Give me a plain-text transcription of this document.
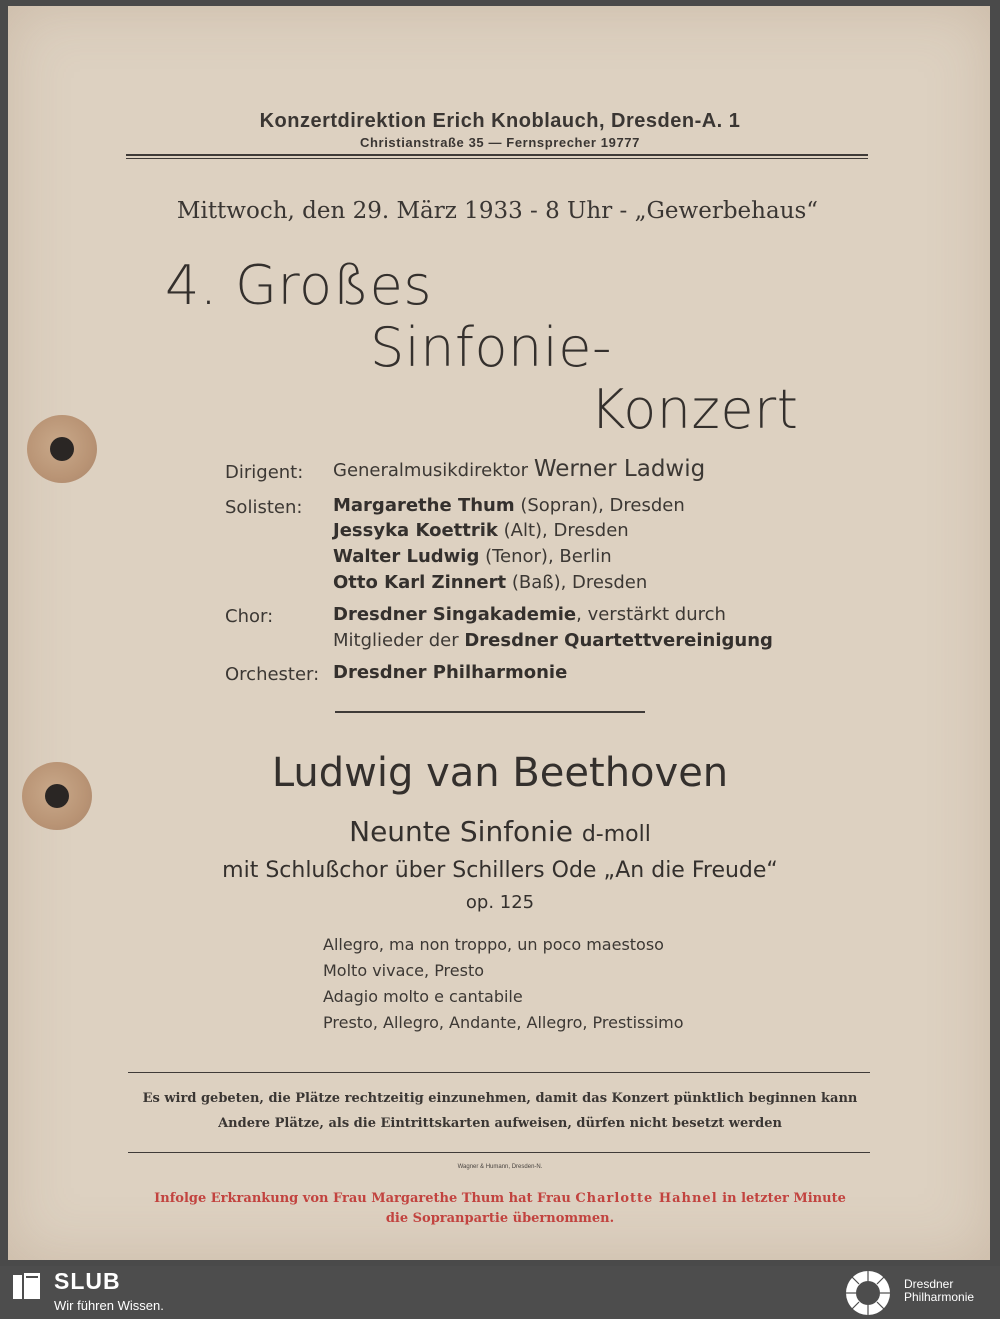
Konzertdirektion Erich Knoblauch, Dresden-A. 1
Christianstraße 35 — Fernsprecher 19777
Mittwoch, den 29. März 1933 - 8 Uhr - „Gewerbehaus“
4. Großes
Sinfonie-
Konzert
Dirigent: Generalmusikdirektor Werner Ladwig
Solisten: Margarethe Thum (Sopran), Dresden
Jessyka Koettrik (Alt), Dresden
Walter Ludwig (Tenor), Berlin
Otto Karl Zinnert (Baß), Dresden
Chor:	Dresdner Singakademie, verstärkt durch
Mitglieder der Dresdner Quartettvereinigung
Orchester: Dresdner Philharmonie
Ludwig van Beethoven
Neunte Sinfonie d-moll
mit Schlußchor über Schillers Ode „An die Freude“
op. 125
Allegro, ma non troppo, un poco maestoso
Molto vivace, Presto
Adagio molto e cantabile
Presto, Allegro, Andante, Allegro, Prestissimo
Es wird gebeten, die Plätze rechtzeitig einzunehmen, damit das Konzert pünktlich beginnen kann
Andere Plätze, als die Eintrittskarten aufweisen, dürfen nicht besetzt werden
Wagner & Humann, Dresden-N.
Infolge Erkrankung von Frau Margarethe Thum hat Frau Charlotte Hahnel in letzter Minute
die Sopranpartie übernommen.
SLUB
Wir führen Wissen.
Dresdner
Philharmonie
